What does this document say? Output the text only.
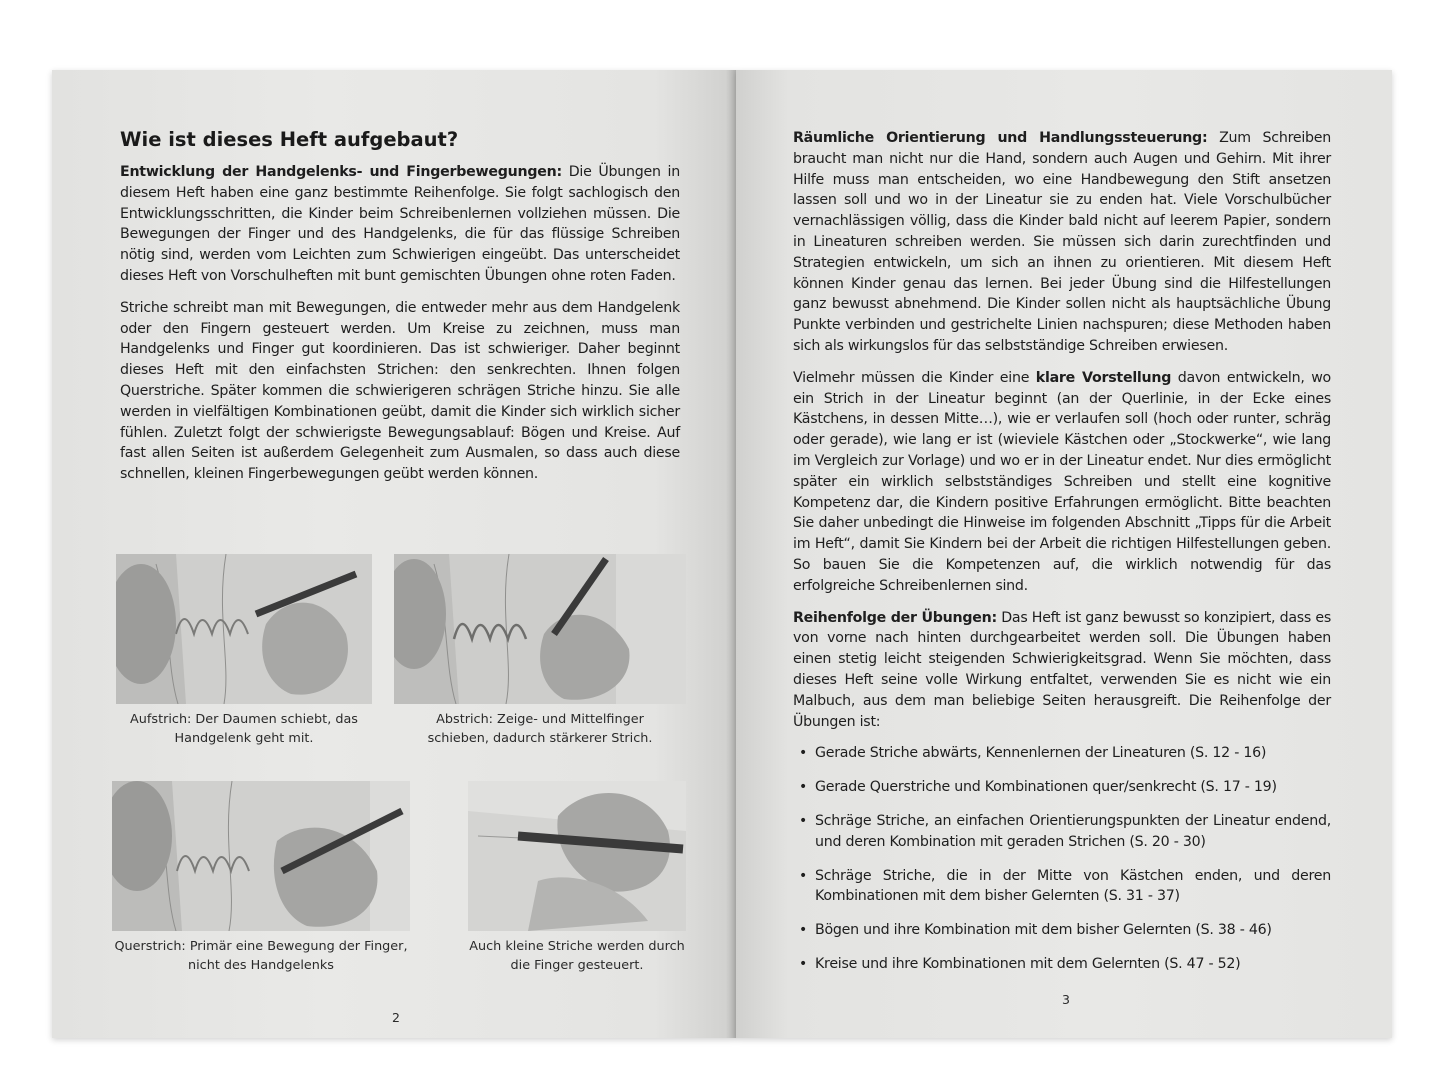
Wie ist dieses Heft aufgebaut?

Entwicklung der Handgelenks- und Fingerbewegungen: Die Übungen in diesem Heft haben eine ganz bestimmte Reihenfolge. Sie folgt sachlogisch den Entwicklungsschritten, die Kinder beim Schreibenlernen vollziehen müssen. Die Bewegungen der Finger und des Handgelenks, die für das flüssige Schreiben nötig sind, werden vom Leichten zum Schwierigen eingeübt. Das unterscheidet dieses Heft von Vorschulheften mit bunt gemischten Übungen ohne roten Faden.

Striche schreibt man mit Bewegungen, die entweder mehr aus dem Handgelenk oder den Fingern gesteuert werden. Um Kreise zu zeichnen, muss man Handgelenks und Finger gut koordinieren. Das ist schwieriger. Daher beginnt dieses Heft mit den einfachsten Strichen: den senkrechten. Ihnen folgen Querstriche. Später kommen die schwierigeren schrägen Striche hinzu. Sie alle werden in vielfältigen Kombinationen geübt, damit die Kinder sich wirklich sicher fühlen. Zuletzt folgt der schwierigste Bewegungsablauf: Bögen und Kreise. Auf fast allen Seiten ist außerdem Gelegenheit zum Ausmalen, so dass auch diese schnellen, kleinen Fingerbewegungen geübt werden können.

Aufstrich: Der Daumen schiebt, das
Handgelenk geht mit.
Abstrich: Zeige- und Mittelfinger
schieben, dadurch stärkerer Strich.
Querstrich: Primär eine Bewegung der Finger,
nicht des Handgelenks
Auch kleine Striche werden durch
die Finger gesteuert.
2

Räumliche Orientierung und Handlungssteuerung: Zum Schreiben braucht man nicht nur die Hand, sondern auch Augen und Gehirn. Mit ihrer Hilfe muss man entscheiden, wo eine Handbewegung den Stift ansetzen lassen soll und wo in der Lineatur sie zu enden hat. Viele Vorschulbücher vernachlässigen völlig, dass die Kinder bald nicht auf leerem Papier, sondern in Lineaturen schreiben werden. Sie müssen sich darin zurechtfinden und Strategien entwickeln, um sich an ihnen zu orientieren. Mit diesem Heft können Kinder genau das lernen. Bei jeder Übung sind die Hilfestellungen ganz bewusst abnehmend. Die Kinder sollen nicht als hauptsächliche Übung Punkte verbinden und gestrichelte Linien nachspuren; diese Methoden haben sich als wirkungslos für das selbstständige Schreiben erwiesen.

Vielmehr müssen die Kinder eine klare Vorstellung davon entwickeln, wo ein Strich in der Lineatur beginnt (an der Querlinie, in der Ecke eines Kästchens, in dessen Mitte…), wie er verlaufen soll (hoch oder runter, schräg oder gerade), wie lang er ist (wieviele Kästchen oder „Stockwerke“, wie lang im Vergleich zur Vorlage) und wo er in der Lineatur endet. Nur dies ermöglicht später ein wirklich selbstständiges Schreiben und stellt eine kognitive Kompetenz dar, die Kindern positive Erfahrungen ermöglicht. Bitte beachten Sie daher unbedingt die Hinweise im folgenden Abschnitt „Tipps für die Arbeit im Heft“, damit Sie Kindern bei der Arbeit die richtigen Hilfestellungen geben. So bauen Sie die Kompetenzen auf, die wirklich notwendig für das erfolgreiche Schreibenlernen sind.

Reihenfolge der Übungen: Das Heft ist ganz bewusst so konzipiert, dass es von vorne nach hinten durchgearbeitet werden soll. Die Übungen haben einen stetig leicht steigenden Schwierigkeitsgrad. Wenn Sie möchten, dass dieses Heft seine volle Wirkung entfaltet, verwenden Sie es nicht wie ein Malbuch, aus dem man beliebige Seiten herausgreift. Die Reihenfolge der Übungen ist:

• Gerade Striche abwärts, Kennenlernen der Lineaturen (S. 12 - 16)
• Gerade Querstriche und Kombinationen quer/senkrecht (S. 17 - 19)
• Schräge Striche, an einfachen Orientierungspunkten der Lineatur endend, und deren Kombination mit geraden Strichen (S. 20 - 30)
• Schräge Striche, die in der Mitte von Kästchen enden, und deren Kombinationen mit dem bisher Gelernten (S. 31 - 37)
• Bögen und ihre Kombination mit dem bisher Gelernten (S. 38 - 46)
• Kreise und ihre Kombinationen mit dem Gelernten (S. 47 - 52)
3
